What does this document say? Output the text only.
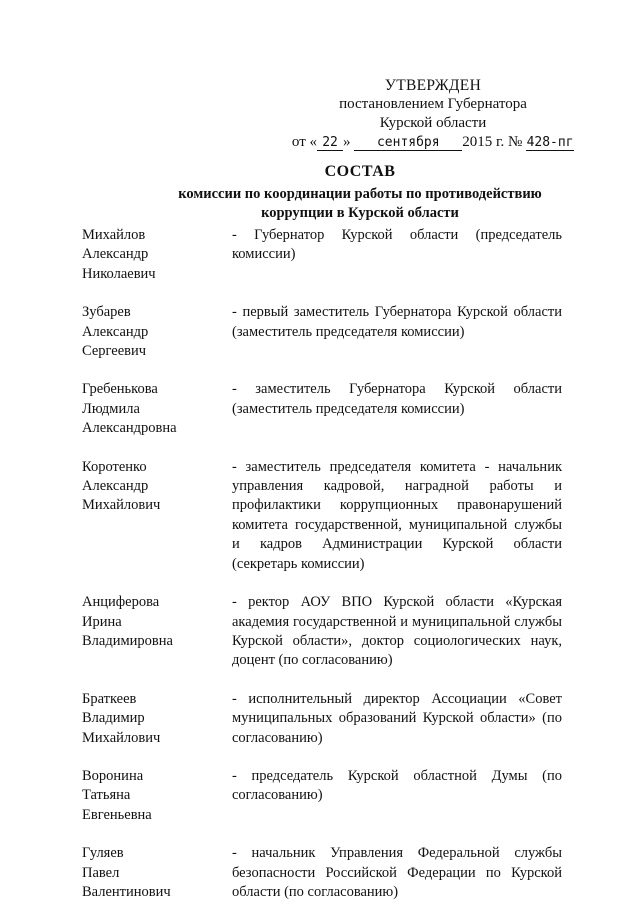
УТВЕРЖДЕН
постановлением Губернатора
Курской области
от « 22 » сентября 2015 г. № 428-пг
СОСТАВ
комиссии по координации работы по противодействию
коррупции в Курской области
Михайлов
Александр
Николаевич
- Губернатор Курской области (председатель комиссии)
Зубарев
Александр
Сергеевич
- первый заместитель Губернатора Курской области (заместитель председателя комиссии)
Гребенькова
Людмила
Александровна
- заместитель Губернатора Курской области (заместитель председателя комиссии)
Коротенко
Александр
Михайлович
- заместитель председателя комитета - начальник управления кадровой, наградной работы и профилактики коррупционных правонарушений комитета государственной, муниципальной службы и кадров Администрации Курской области (секретарь комиссии)
Анциферова
Ирина
Владимировна
- ректор АОУ ВПО Курской области «Курская академия государственной и муниципальной службы Курской области», доктор социологических наук, доцент (по согласованию)
Браткеев
Владимир
Михайлович
- исполнительный директор Ассоциации «Совет муниципальных образований Курской области» (по согласованию)
Воронина
Татьяна
Евгеньевна
- председатель Курской областной Думы (по согласованию)
Гуляев
Павел
Валентинович
- начальник Управления Федеральной службы безопасности Российской Федерации по Курской области (по согласованию)
